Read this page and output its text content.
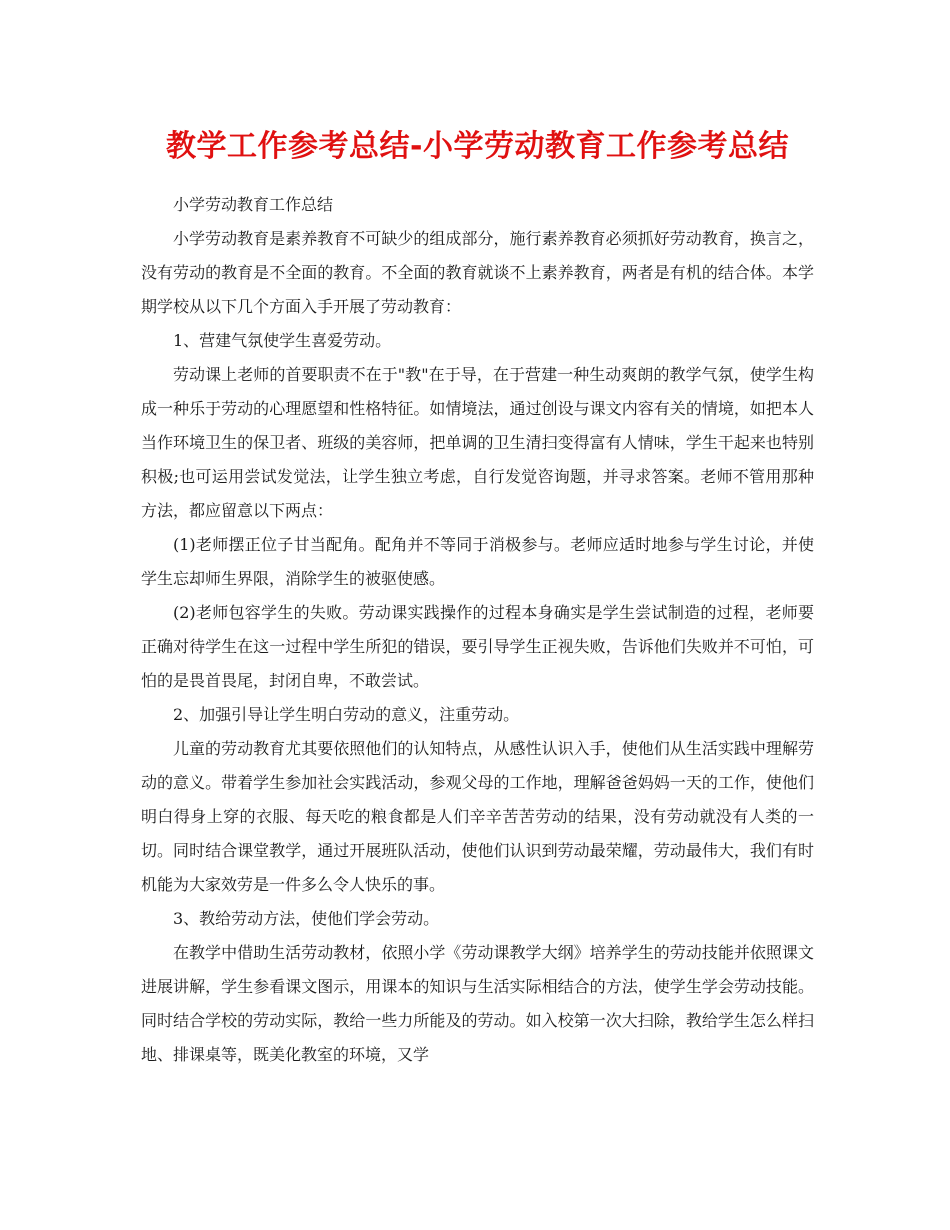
教学工作参考总结-小学劳动教育工作参考总结

小学劳动教育工作总结

小学劳动教育是素养教育不可缺少的组成部分，施行素养教育必须抓好劳动教育，换言之，没有劳动的教育是不全面的教育。不全面的教育就谈不上素养教育，两者是有机的结合体。本学期学校从以下几个方面入手开展了劳动教育：

1、营建气氛使学生喜爱劳动。

劳动课上老师的首要职责不在于"教"在于导，在于营建一种生动爽朗的教学气氛，使学生构成一种乐于劳动的心理愿望和性格特征。如情境法，通过创设与课文内容有关的情境，如把本人当作环境卫生的保卫者、班级的美容师，把单调的卫生清扫变得富有人情味，学生干起来也特别积极;也可运用尝试发觉法，让学生独立考虑，自行发觉咨询题，并寻求答案。老师不管用那种方法，都应留意以下两点：

(1)老师摆正位子甘当配角。配角并不等同于消极参与。老师应适时地参与学生讨论，并使学生忘却师生界限，消除学生的被驱使感。

(2)老师包容学生的失败。劳动课实践操作的过程本身确实是学生尝试制造的过程，老师要正确对待学生在这一过程中学生所犯的错误，要引导学生正视失败，告诉他们失败并不可怕，可怕的是畏首畏尾，封闭自卑，不敢尝试。

2、加强引导让学生明白劳动的意义，注重劳动。

儿童的劳动教育尤其要依照他们的认知特点，从感性认识入手，使他们从生活实践中理解劳动的意义。带着学生参加社会实践活动，参观父母的工作地，理解爸爸妈妈一天的工作，使他们明白得身上穿的衣服、每天吃的粮食都是人们辛辛苦苦劳动的结果，没有劳动就没有人类的一切。同时结合课堂教学，通过开展班队活动，使他们认识到劳动最荣耀，劳动最伟大，我们有时机能为大家效劳是一件多么令人快乐的事。

3、教给劳动方法，使他们学会劳动。

在教学中借助生活劳动教材，依照小学《劳动课教学大纲》培养学生的劳动技能并依照课文进展讲解，学生参看课文图示，用课本的知识与生活实际相结合的方法，使学生学会劳动技能。同时结合学校的劳动实际，教给一些力所能及的劳动。如入校第一次大扫除，教给学生怎么样扫地、排课桌等，既美化教室的环境，又学
